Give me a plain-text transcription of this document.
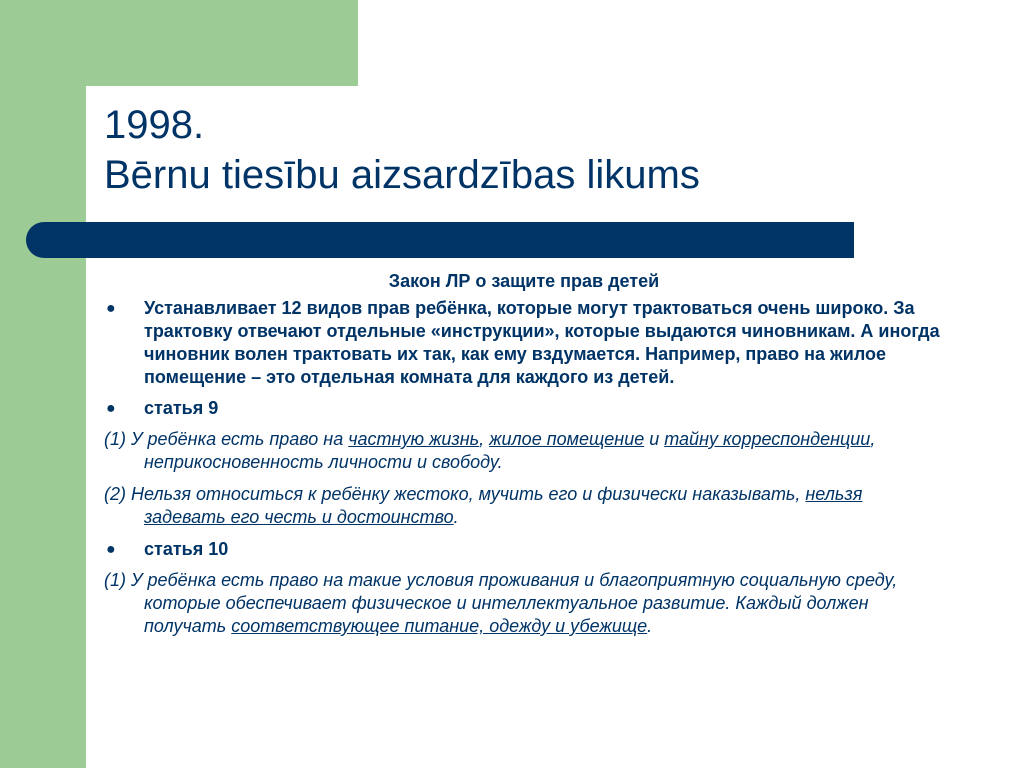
1998.
Bērnu tiesību aizsardzības likums
Закон ЛР о защите прав детей
● Устанавливает 12 видов прав ребёнка, которые могут трактоваться очень широко. За трактовку отвечают отдельные «инструкции», которые выдаются чиновникам. А иногда чиновник волен трактовать их так, как ему вздумается. Например, право на жилое помещение – это отдельная комната для каждого из детей.
● статья 9
(1) У ребёнка есть право на частную жизнь, жилое помещение и тайну корреспонденции, неприкосновенность личности и свободу.
(2) Нельзя относиться к ребёнку жестоко, мучить его и физически наказывать, нельзя задевать его честь и достоинство.
● статья 10
(1) У ребёнка есть право на такие условия проживания и благоприятную социальную среду, которые обеспечивает физическое и интеллектуальное развитие. Каждый должен получать соответствующее питание, одежду и убежище.
